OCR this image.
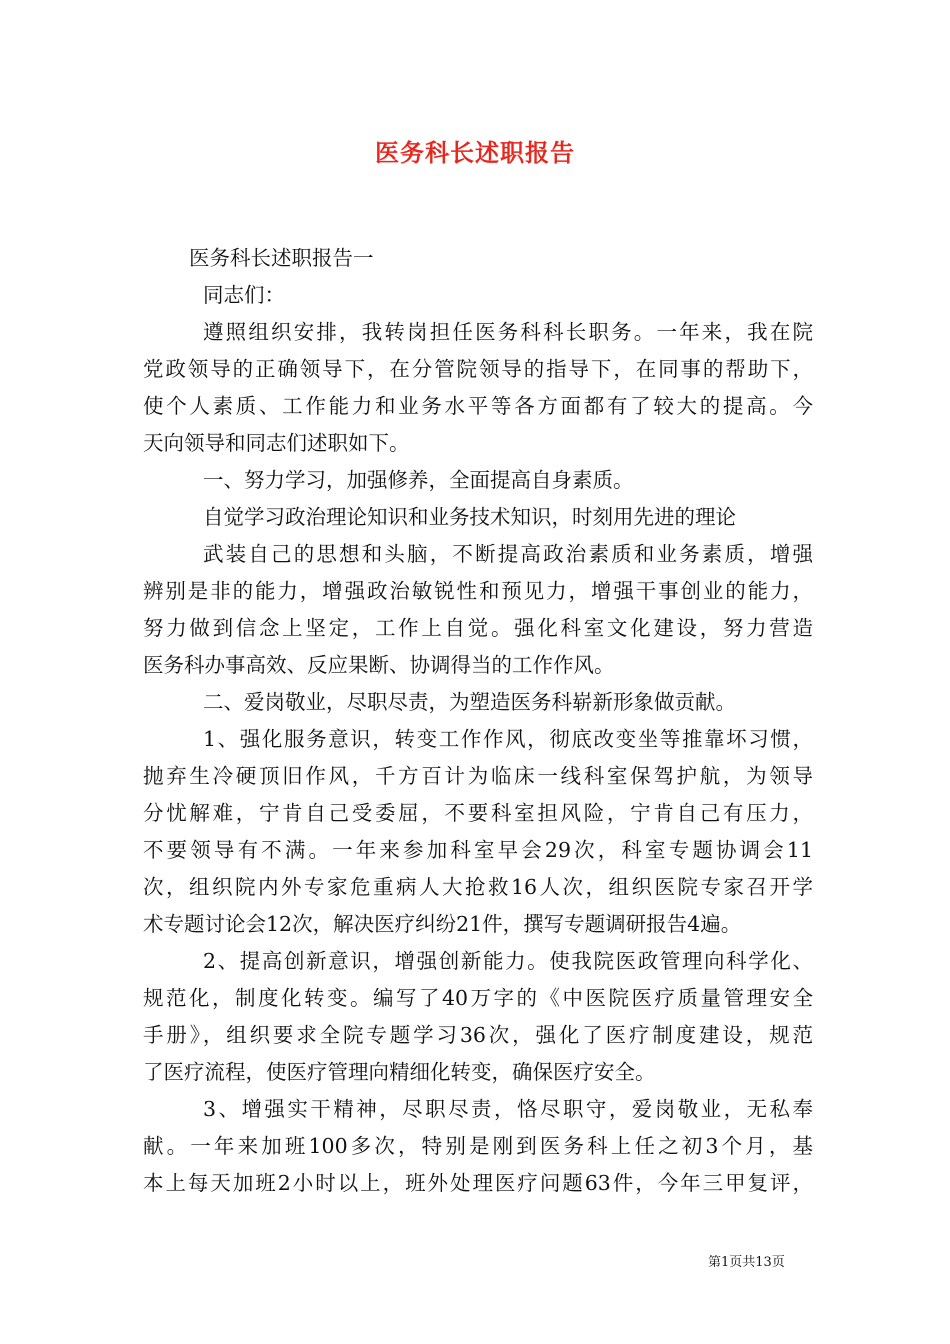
医务科长述职报告
医务科长述职报告一
同志们：
遵照组织安排，我转岗担任医务科科长职务。一年来，我在院
党政领导的正确领导下，在分管院领导的指导下，在同事的帮助下，
使个人素质、工作能力和业务水平等各方面都有了较大的提高。今
天向领导和同志们述职如下。
一、努力学习，加强修养，全面提高自身素质。
自觉学习政治理论知识和业务技术知识，时刻用先进的理论
武装自己的思想和头脑，不断提高政治素质和业务素质，增强
辨别是非的能力，增强政治敏锐性和预见力，增强干事创业的能力，
努力做到信念上坚定，工作上自觉。强化科室文化建设，努力营造
医务科办事高效、反应果断、协调得当的工作作风。
二、爱岗敬业，尽职尽责，为塑造医务科崭新形象做贡献。
1、强化服务意识，转变工作作风，彻底改变坐等推靠坏习惯，
抛弃生冷硬顶旧作风，千方百计为临床一线科室保驾护航，为领导
分忧解难，宁肯自己受委屈，不要科室担风险，宁肯自己有压力，
不要领导有不满。一年来参加科室早会29次，科室专题协调会11
次，组织院内外专家危重病人大抢救16人次，组织医院专家召开学
术专题讨论会12次，解决医疗纠纷21件，撰写专题调研报告4遍。
2、提高创新意识，增强创新能力。使我院医政管理向科学化、
规范化，制度化转变。编写了40万字的《中医院医疗质量管理安全
手册》，组织要求全院专题学习36次，强化了医疗制度建设，规范
了医疗流程，使医疗管理向精细化转变，确保医疗安全。
3、增强实干精神，尽职尽责，恪尽职守，爱岗敬业，无私奉
献。一年来加班100多次，特别是刚到医务科上任之初3个月，基
本上每天加班2小时以上，班外处理医疗问题63件，今年三甲复评，
第1页共13页
